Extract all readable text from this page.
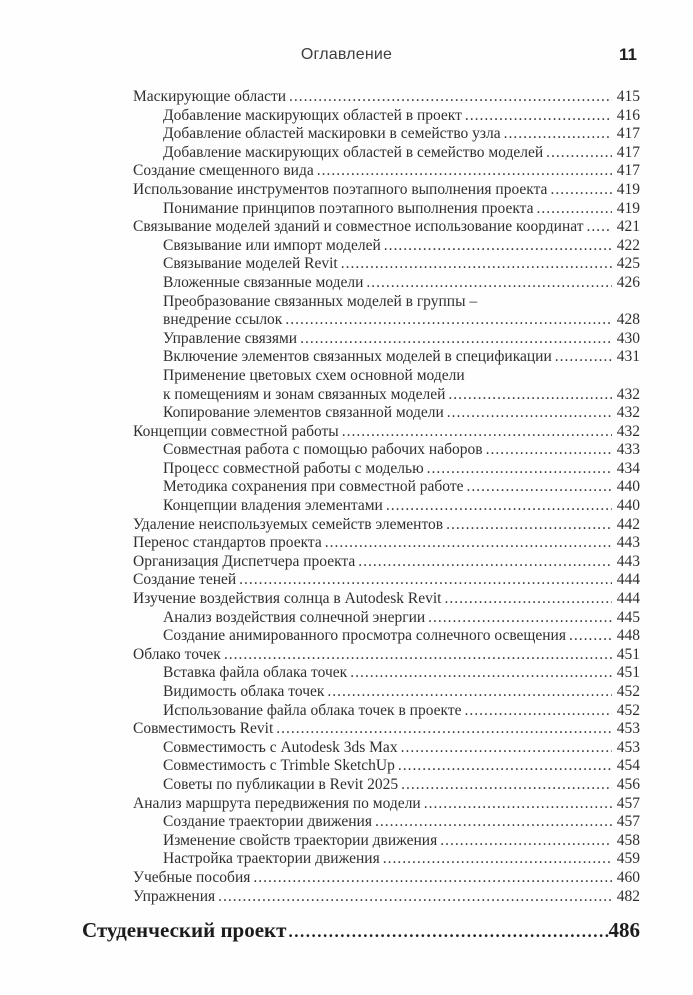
Оглавление	11
Маскирующие области .....	415
Добавление маскирующих областей в проект .....	416
Добавление областей маскировки в семейство узла .....	417
Добавление маскирующих областей в семейство моделей .....	417
Создание смещенного вида .....	417
Использование инструментов поэтапного выполнения проекта .....	419
Понимание принципов поэтапного выполнения проекта .....	419
Связывание моделей зданий и совместное использование координат .....	421
Связывание или импорт моделей .....	422
Связывание моделей Revit .....	425
Вложенные связанные модели .....	426
Преобразование связанных моделей в группы –
внедрение ссылок .....	428
Управление связями .....	430
Включение элементов связанных моделей в спецификации .....	431
Применение цветовых схем основной модели
к помещениям и зонам связанных моделей .....	432
Копирование элементов связанной модели .....	432
Концепции совместной работы .....	432
Совместная работа с помощью рабочих наборов .....	433
Процесс совместной работы с моделью .....	434
Методика сохранения при совместной работе .....	440
Концепции владения элементами .....	440
Удаление неиспользуемых семейств элементов .....	442
Перенос стандартов проекта .....	443
Организация Диспетчера проекта .....	443
Создание теней .....	444
Изучение воздействия солнца в Autodesk Revit .....	444
Анализ воздействия солнечной энергии .....	445
Создание анимированного просмотра солнечного освещения .....	448
Облако точек .....	451
Вставка файла облака точек .....	451
Видимость облака точек .....	452
Использование файла облака точек в проекте .....	452
Совместимость Revit .....	453
Совместимость с Autodesk 3ds Max .....	453
Совместимость с Trimble SketchUp .....	454
Советы по публикации в Revit 2025 .....	456
Анализ маршрута передвижения по модели .....	457
Создание траектории движения .....	457
Изменение свойств траектории движения .....	458
Настройка траектории движения .....	459
Учебные пособия .....	460
Упражнения .....	482
Студенческий проект .....	486
